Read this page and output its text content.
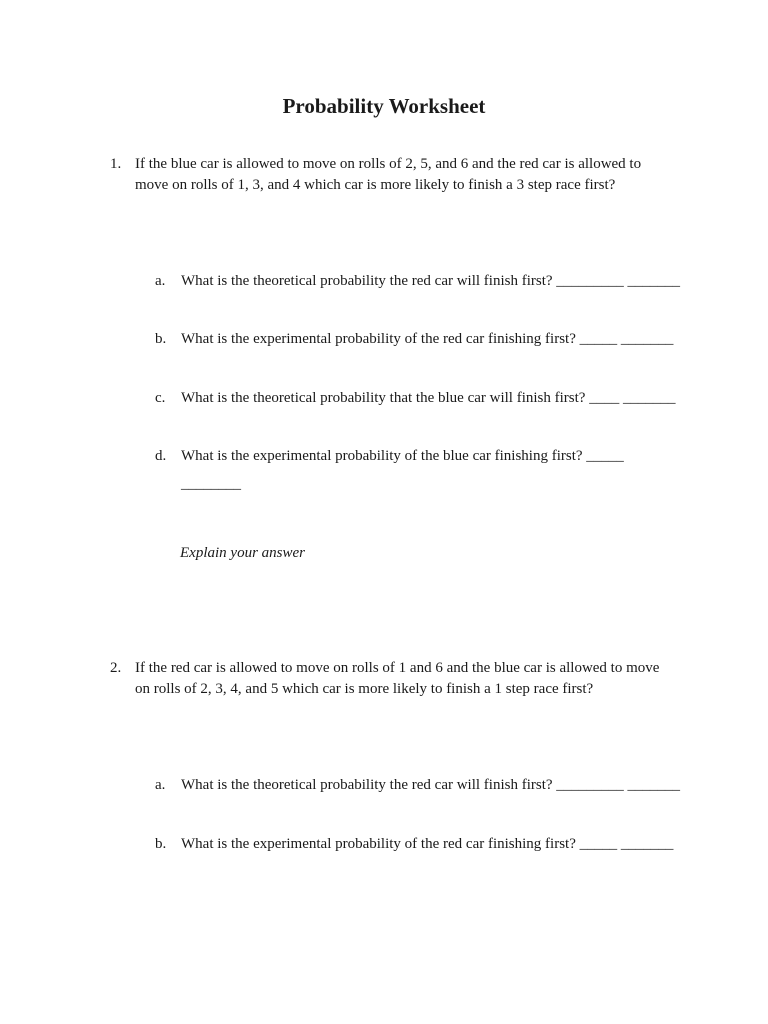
Probability Worksheet
1. If the blue car is allowed to move on rolls of 2, 5, and 6 and the red car is allowed to move on rolls of 1, 3, and 4 which car is more likely to finish a 3 step race first?
a. What is the theoretical probability the red car will finish first? _________ _______
b. What is the experimental probability of the red car finishing first? _____ _______
c. What is the theoretical probability that the blue car will finish first? ____ _______
d. What is the experimental probability of the blue car finishing first? _____ ________
Explain your answer
2. If the red car is allowed to move on rolls of 1 and 6 and the blue car is allowed to move on rolls of 2, 3, 4, and 5 which car is more likely to finish a 1 step race first?
a. What is the theoretical probability the red car will finish first? _________ _______
b. What is the experimental probability of the red car finishing first? _____ _______
